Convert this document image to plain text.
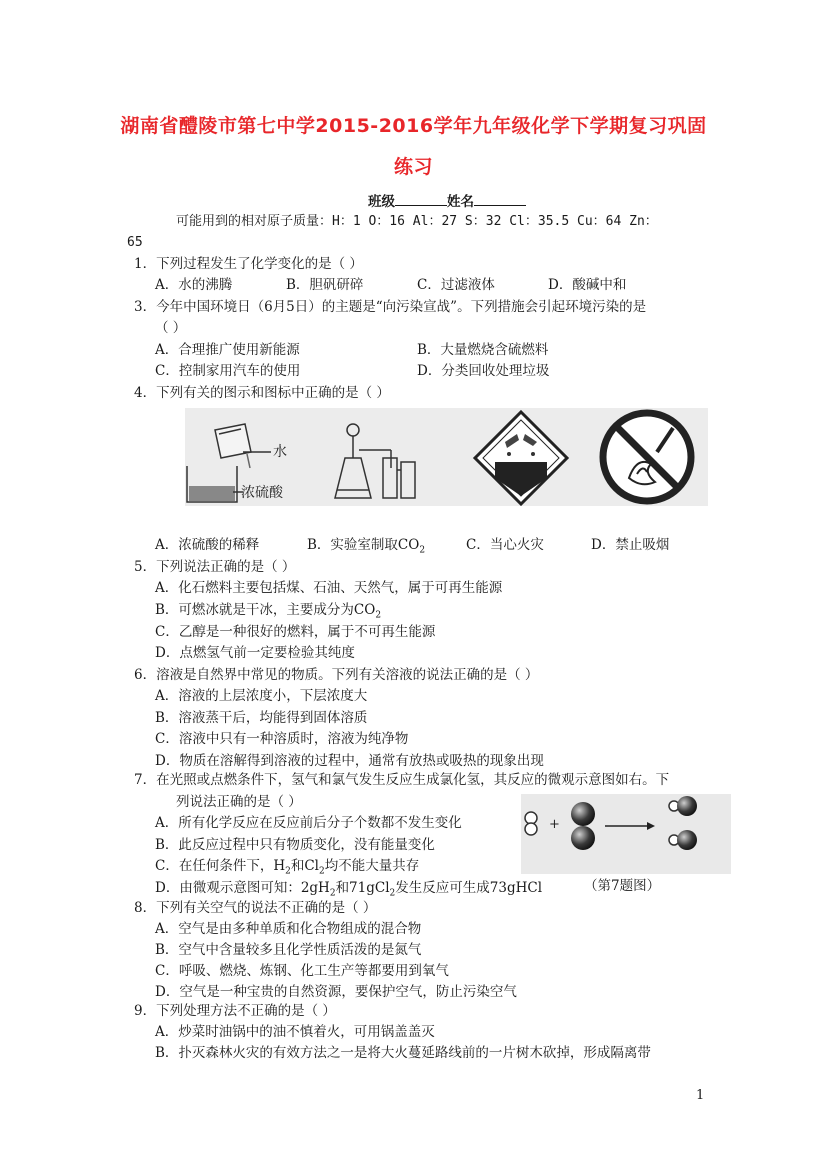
湖南省醴陵市第七中学2015-2016学年九年级化学下学期复习巩固
练习
班级	姓名
可能用到的相对原子质量：H：1 O：16 Al：27 S：32 Cl：35.5 Cu：64 Zn：
65
1．下列过程发生了化学变化的是（ ）
A．水的沸腾	B．胆矾研碎	C．过滤液体	D．酸碱中和
3．今年中国环境日（6月5日）的主题是“向污染宣战”。下列措施会引起环境污染的是
（ ）
A．合理推广使用新能源	B．大量燃烧含硫燃料
C．控制家用汽车的使用	D．分类回收处理垃圾
4．下列有关的图示和图标中正确的是（ ）
水
浓硫酸
A．浓硫酸的稀释	B．实验室制取$CO_2$	C．当心火灾	D．禁止吸烟
5．下列说法正确的是（ ）
A．化石燃料主要包括煤、石油、天然气，属于可再生能源
B．可燃冰就是干冰，主要成分为$CO_2$
C．乙醇是一种很好的燃料，属于不可再生能源
D．点燃氢气前一定要检验其纯度
6．溶液是自然界中常见的物质。下列有关溶液的说法正确的是（ ）
A．溶液的上层浓度小，下层浓度大
B．溶液蒸干后，均能得到固体溶质
C．溶液中只有一种溶质时，溶液为纯净物
D．物质在溶解得到溶液的过程中，通常有放热或吸热的现象出现
7．在光照或点燃条件下，氢气和氯气发生反应生成氯化氢，其反应的微观示意图如右。下
列说法正确的是（ ）
A．所有化学反应在反应前后分子个数都不发生变化
B．此反应过程中只有物质变化，没有能量变化
C．在任何条件下，$H_2$和$Cl_2$均不能大量共存
D．由微观示意图可知：$2gH_2$和71gCl$_2$发生反应可生成73gHCl
+
（第7题图）
8．下列有关空气的说法不正确的是（ ）
A．空气是由多种单质和化合物组成的混合物
B．空气中含量较多且化学性质活泼的是氮气
C．呼吸、燃烧、炼钢、化工生产等都要用到氧气
D．空气是一种宝贵的自然资源，要保护空气，防止污染空气
9．下列处理方法不正确的是（ ）
A．炒菜时油锅中的油不慎着火，可用锅盖盖灭
B．扑灭森林火灾的有效方法之一是将大火蔓延路线前的一片树木砍掉，形成隔离带
1
